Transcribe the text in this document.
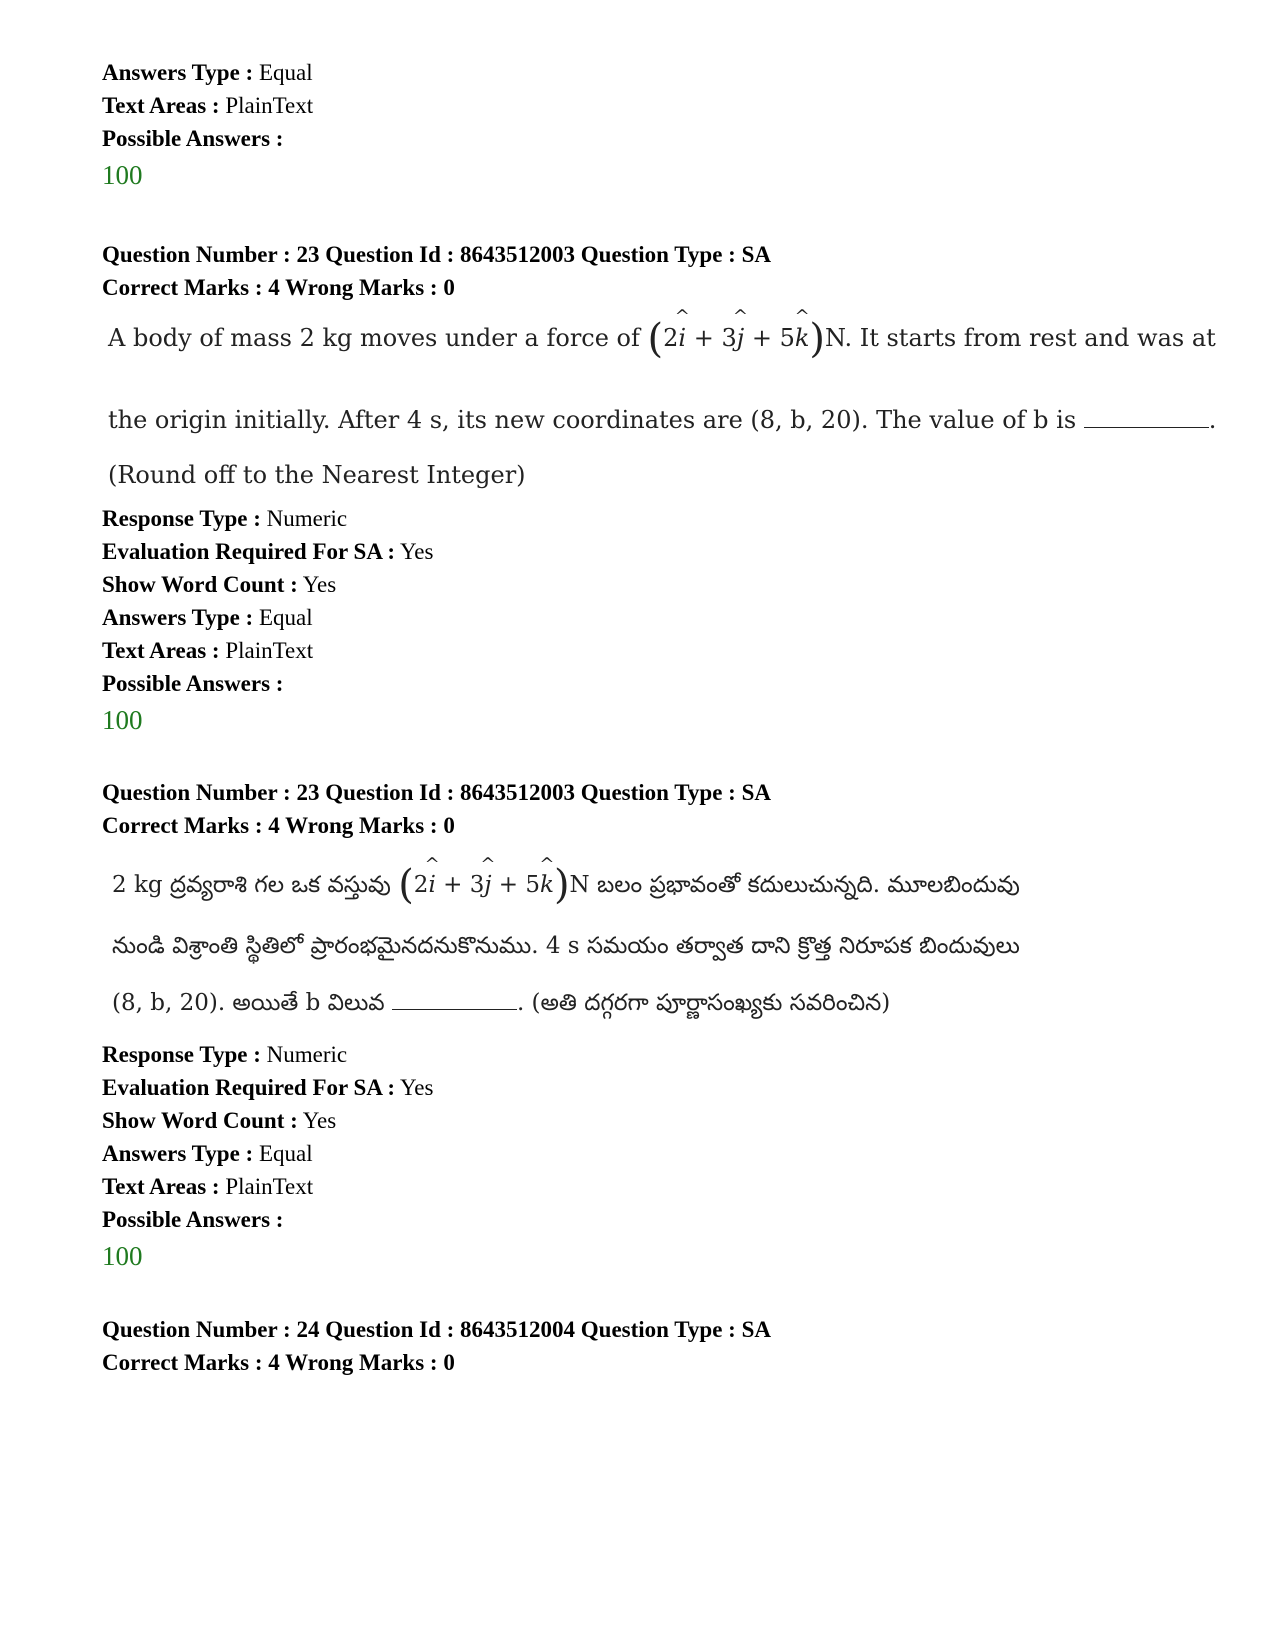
Answers Type : Equal
Text Areas : PlainText
Possible Answers :
100
Question Number : 23 Question Id : 8643512003 Question Type : SA
Correct Marks : 4 Wrong Marks : 0
A body of mass 2 kg moves under a force of (2
^
i + 3
^
j + 5
^
k)N. It starts from rest and was at
the origin initially. After 4 s, its new coordinates are (8, b, 20). The value of b is	.
(Round off to the Nearest Integer)
Response Type : Numeric
Evaluation Required For SA : Yes
Show Word Count : Yes
Answers Type : Equal
Text Areas : PlainText
Possible Answers :
100
Question Number : 23 Question Id : 8643512003 Question Type : SA
Correct Marks : 4 Wrong Marks : 0
2 kg ద్రవ్యరాశి గల ఒక వస్తువు (2
^
i + 3
^
j + 5
^
k)N బలం ప్రభావంతో కదులుచున్నది. మూలబిందువు
నుండి విశ్రాంతి స్థితిలో ప్రారంభమైనదనుకొనుము. 4 s సమయం తర్వాత దాని క్రొత్త నిరూపక బిందువులు
(8, b, 20). అయితే b విలువ	. (అతి దగ్గరగా పూర్ణాసంఖ్యకు సవరించిన)
Response Type : Numeric
Evaluation Required For SA : Yes
Show Word Count : Yes
Answers Type : Equal
Text Areas : PlainText
Possible Answers :
100
Question Number : 24 Question Id : 8643512004 Question Type : SA
Correct Marks : 4 Wrong Marks : 0
